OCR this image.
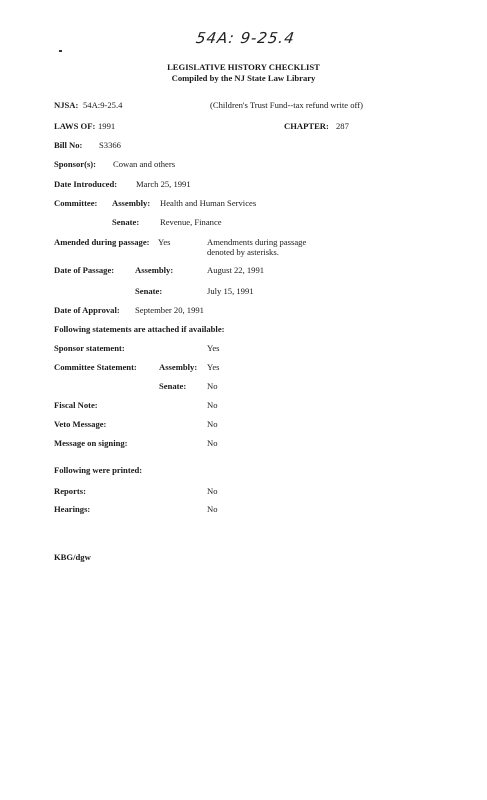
54A: 9-25.4
LEGISLATIVE HISTORY CHECKLIST
Compiled by the NJ State Law Library
NJSA: 54A:9-25.4	(Children's Trust Fund--tax refund write off)
LAWS OF: 1991	CHAPTER: 287
Bill No: S3366
Sponsor(s): Cowan and others
Date Introduced: March 25, 1991
Committee: Assembly: Health and Human Services
Senate: Revenue, Finance
Amended during passage: Yes	Amendments during passage
denoted by asterisks.
Date of Passage: Assembly:	August 22, 1991
Senate:	July 15, 1991
Date of Approval: September 20, 1991
Following statements are attached if available:
Sponsor statement:	Yes
Committee Statement:	Assembly: Yes
Senate: No
Fiscal Note:	No
Veto Message:	No
Message on signing:	No
Following were printed:
Reports:	No
Hearings:	No
KBG/dgw
